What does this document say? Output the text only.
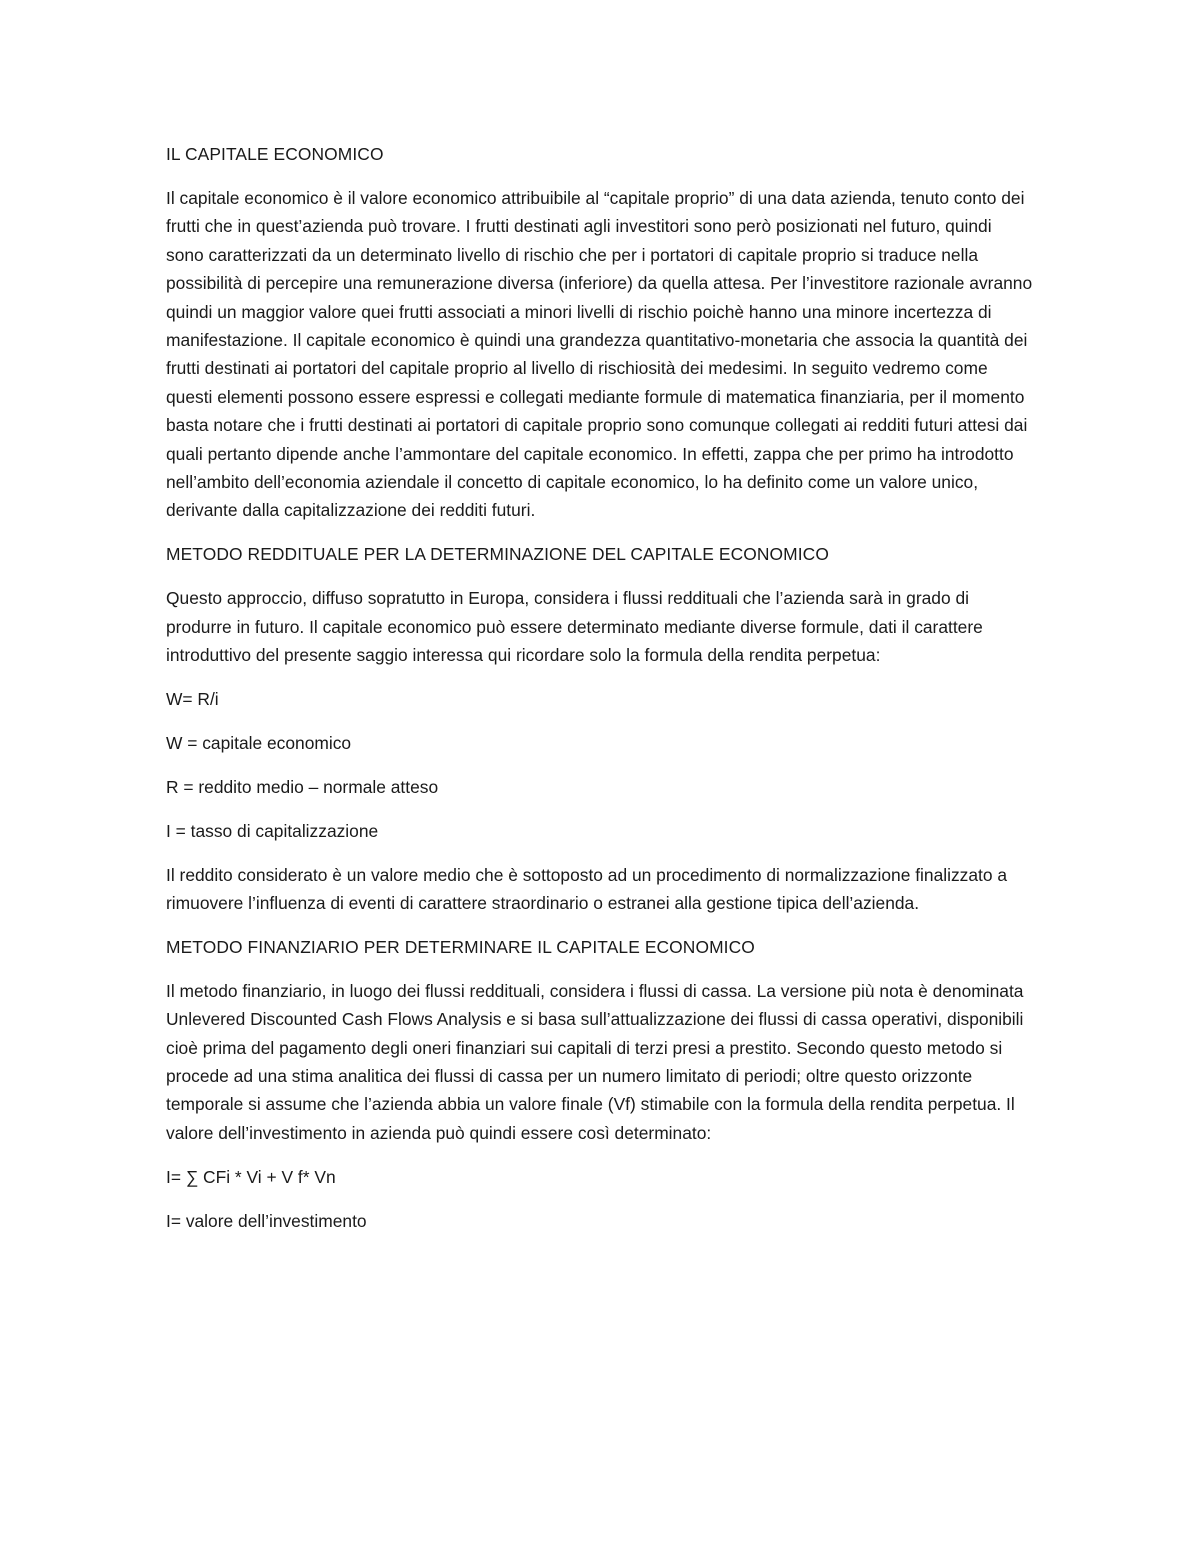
IL CAPITALE ECONOMICO

Il capitale economico è il valore economico attribuibile al “capitale proprio” di una data azienda, tenuto conto dei frutti che in quest’azienda può trovare. I frutti destinati agli investitori sono però posizionati nel futuro, quindi sono caratterizzati da un determinato livello di rischio che per i portatori di capitale proprio si traduce nella possibilità di percepire una remunerazione diversa (inferiore) da quella attesa. Per l’investitore razionale avranno quindi un maggior valore quei frutti associati a minori livelli di rischio poichè hanno una minore incertezza di manifestazione. Il capitale economico è quindi una grandezza quantitativo-monetaria che associa la quantità dei frutti destinati ai portatori del capitale proprio al livello di rischiosità dei medesimi. In seguito vedremo come questi elementi possono essere espressi e collegati mediante formule di matematica finanziaria, per il momento basta notare che i frutti destinati ai portatori di capitale proprio sono comunque collegati ai redditi futuri attesi dai quali pertanto dipende anche l’ammontare del capitale economico. In effetti, zappa che per primo ha introdotto nell’ambito dell’economia aziendale il concetto di capitale economico, lo ha definito come un valore unico, derivante dalla capitalizzazione dei redditi futuri.

METODO REDDITUALE PER LA DETERMINAZIONE DEL CAPITALE ECONOMICO

Questo approccio, diffuso sopratutto in Europa, considera i flussi reddituali che l’azienda sarà in grado di produrre in futuro. Il capitale economico può essere determinato mediante diverse formule, dati il carattere introduttivo del presente saggio interessa qui ricordare solo la formula della rendita perpetua:

W= R/i

W = capitale economico

R = reddito medio – normale atteso

I = tasso di capitalizzazione

Il reddito considerato è un valore medio che è sottoposto ad un procedimento di normalizzazione finalizzato a rimuovere l’influenza di eventi di carattere straordinario o estranei alla gestione tipica dell’azienda.

METODO FINANZIARIO PER DETERMINARE IL CAPITALE ECONOMICO

Il metodo finanziario, in luogo dei flussi reddituali, considera i flussi di cassa. La versione più nota è denominata Unlevered Discounted Cash Flows Analysis e si basa sull’attualizzazione dei flussi di cassa operativi, disponibili cioè prima del pagamento degli oneri finanziari sui capitali di terzi presi a prestito. Secondo questo metodo si procede ad una stima analitica dei flussi di cassa per un numero limitato di periodi; oltre questo orizzonte temporale si assume che l’azienda abbia un valore finale (Vf) stimabile con la formula della rendita perpetua. Il valore dell’investimento in azienda può quindi essere così determinato:

I= ∑ CFi * Vi + V f* Vn

I= valore dell’investimento
